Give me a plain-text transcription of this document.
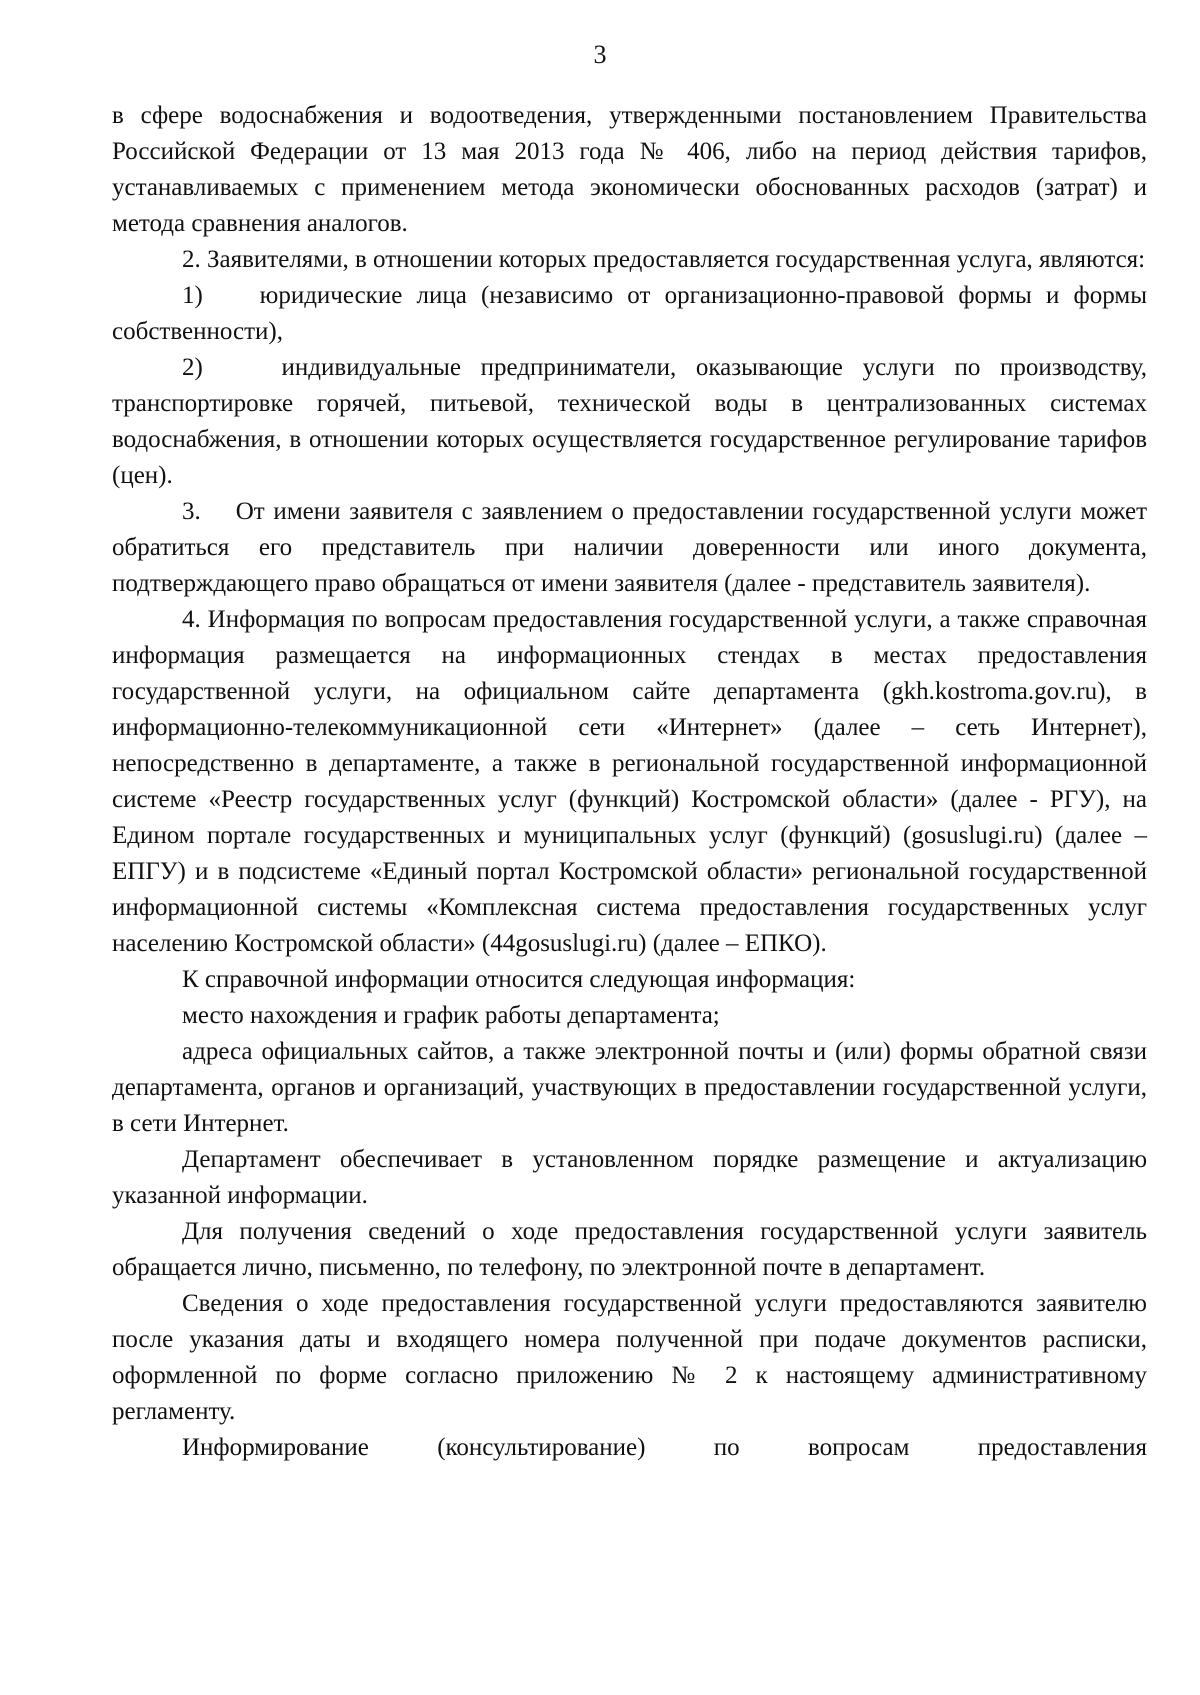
3

в сфере водоснабжения и водоотведения, утвержденными постановлением Правительства Российской Федерации от 13 мая 2013 года № 406, либо на период действия тарифов, устанавливаемых с применением метода экономически обоснованных расходов (затрат) и метода сравнения аналогов.

2. Заявителями, в отношении которых предоставляется государственная услуга, являются:

1)    юридические лица (независимо от организационно-правовой формы и формы собственности),

2)    индивидуальные предприниматели, оказывающие услуги по производству, транспортировке горячей, питьевой, технической воды в централизованных системах водоснабжения, в отношении которых осуществляется государственное регулирование тарифов (цен).

3.    От имени заявителя с заявлением о предоставлении государственной услуги может обратиться его представитель при наличии доверенности или иного документа, подтверждающего право обращаться от имени заявителя (далее - представитель заявителя).

4. Информация по вопросам предоставления государственной услуги, а также справочная информация размещается на информационных стендах в местах предоставления государственной услуги, на официальном сайте департамента (gkh.kostroma.gov.ru), в информационно-телекоммуникационной сети «Интернет» (далее – сеть Интернет), непосредственно в департаменте, а также в региональной государственной информационной системе «Реестр государственных услуг (функций) Костромской области» (далее - РГУ), на Едином портале государственных и муниципальных услуг (функций) (gosuslugi.ru) (далее – ЕПГУ) и в подсистеме «Единый портал Костромской области» региональной государственной информационной системы «Комплексная система предоставления государственных услуг населению Костромской области» (44gosuslugi.ru) (далее – ЕПКО).

К справочной информации относится следующая информация:

место нахождения и график работы департамента;

адреса официальных сайтов, а также электронной почты и (или) формы обратной связи департамента, органов и организаций, участвующих в предоставлении государственной услуги, в сети Интернет.

Департамент обеспечивает в установленном порядке размещение и актуализацию указанной информации.

Для получения сведений о ходе предоставления государственной услуги заявитель обращается лично, письменно, по телефону, по электронной почте в департамент.

Сведения о ходе предоставления государственной услуги предоставляются заявителю после указания даты и входящего номера полученной при подаче документов расписки, оформленной по форме согласно приложению № 2 к настоящему административному регламенту.

Информирование (консультирование) по вопросам предоставления
